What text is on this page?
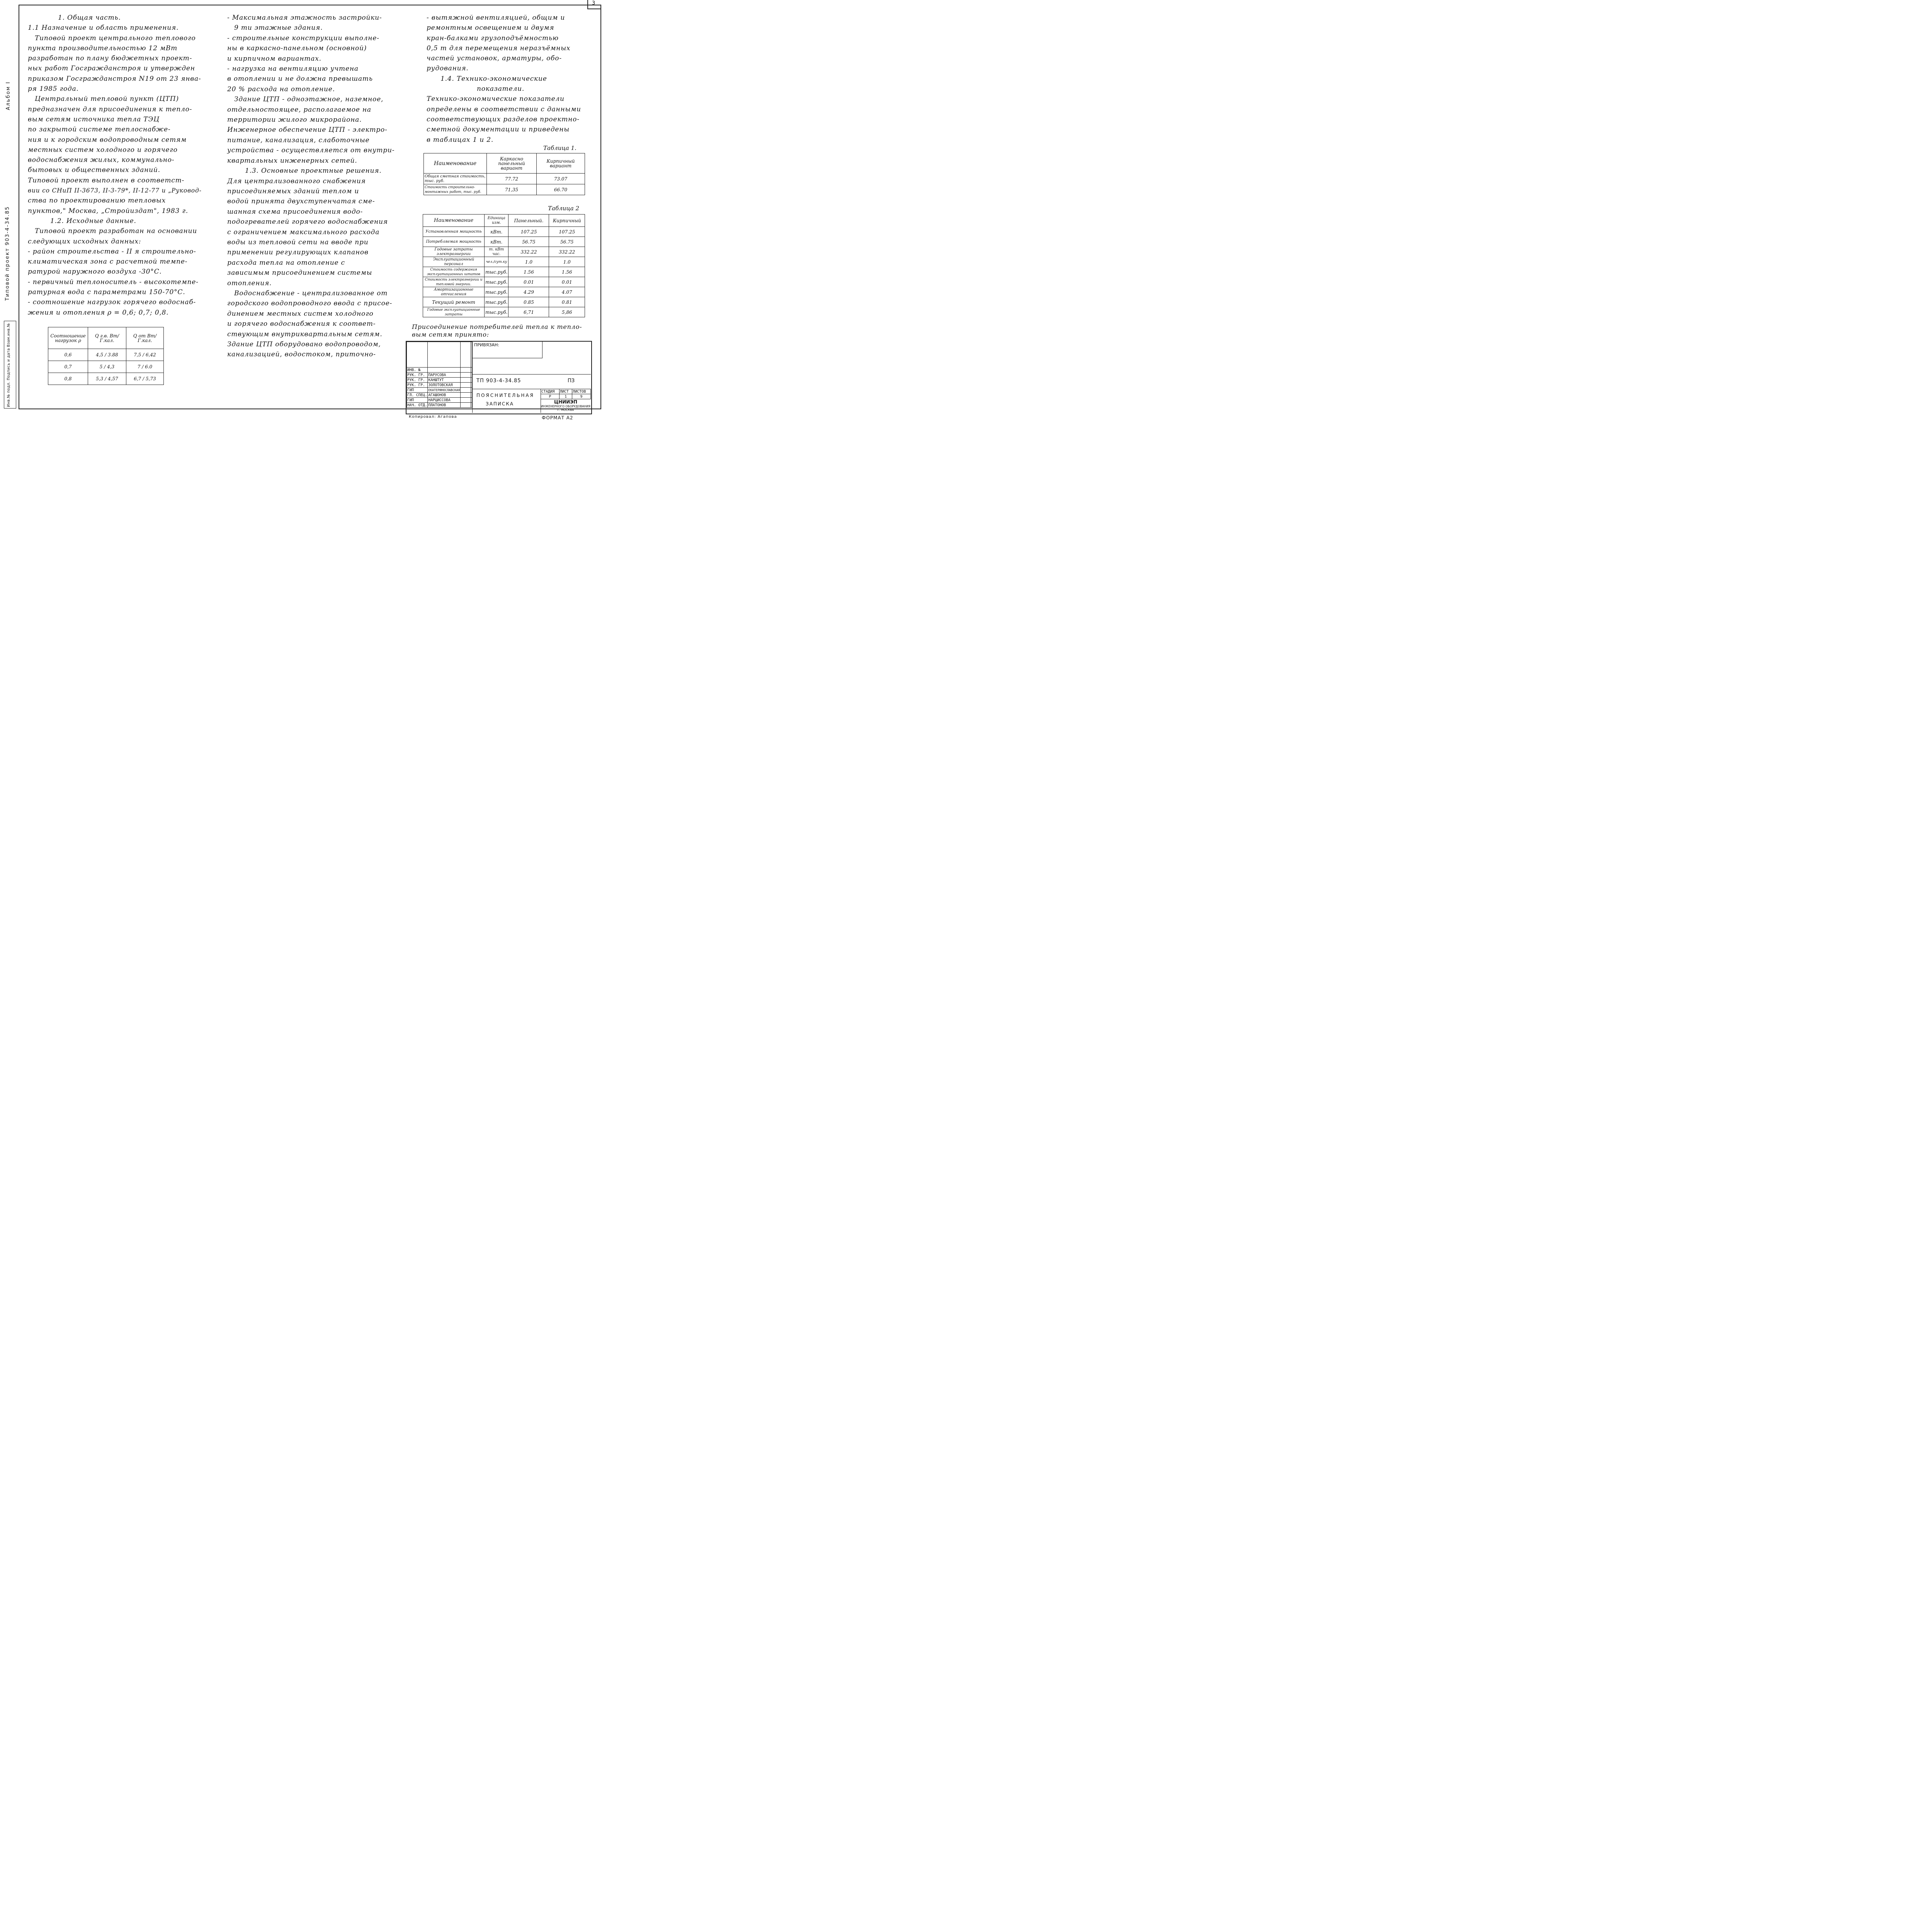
Альбом I
Типовой проект 903-4-34.85
Инв.№ подл. Подпись и дата Взам.инв.№
3
1. Общая часть.
1.1 Назначение и область применения.
Типовой проект центрального теплового
пункта производительностью 12 мВт
разработан по плану бюджетных проект-
ных работ Госгражданстроя и утвержден
приказом Госгражданстроя N19 от 23 янва-
ря 1985 года.
Центральный тепловой пункт (ЦТП)
предназначен для присоединения к тепло-
вым сетям источника тепла ТЭЦ
по закрытой системе теплоснабже-
ния и к городским водопроводным сетям
местных систем холодного и горячего
водоснабжения жилых, коммунально-
бытовых и общественных зданий.
Типовой проект выполнен в соответст-
вии со СНиП II-3673, II-3-79*, II-12-77 и „Руковод-
ства по проектированию тепловых
пунктов," Москва, „Стройиздат", 1983 г.
1.2. Исходные данные.
Типовой проект разработан на основании
следующих исходных данных:
- район строительства - II я строительно-
климатическая зона с расчетной темпе-
ратурой наружного воздуха -30°С.
- первичный теплоноситель - высокотемпе-
ратурная вода с параметрами 150-70°С.
- соотношение нагрузок горячего водоснаб-
жения и отопления ρ = 0,6; 0,7; 0,8.
Соотношение нагрузок ρ	Q г.в. Вт/Г.кал.	Q от Вт/Г.кал.
0,6	4,5 / 3.88	7,5 / 6,42
0,7	5 / 4,3	7 / 6.0
0,8	5,3 / 4,57	6,7 / 5,73
- Максимальная этажность застройки-
9 ти этажные здания.
- строительные конструкции выполне-
ны в каркасно-панельном (основной)
и кирпичном вариантах.
- нагрузка на вентиляцию учтена
в отоплении и не должна превышать
20 % расхода на отопление.
Здание ЦТП - одноэтажное, наземное,
отдельностоящее, располагаемое на
территории жилого микрорайона.
Инженерное обеспечение ЦТП - электро-
питание, канализация, слаботочные
устройства - осуществляется от внутри-
квартальных инженерных сетей.
1.3. Основные проектные решения.
Для централизованного снабжения
присоединяемых зданий теплом и
водой принята двухступенчатая сме-
шанная схема присоединения водо-
подогревателей горячего водоснабжения
с ограничением максимального расхода
воды из тепловой сети на вводе при
применении регулирующих клапанов
расхода тепла на отопление с
зависимым присоединением системы
отопления.
Водоснабжение - централизованное от
городского водопроводного ввода с присое-
динением местных систем холодного
и горячего водоснабжения к соответ-
ствующим внутриквартальным сетям.
Здание ЦТП оборудовано водопроводом,
канализацией, водостоком, приточно-
- вытяжной вентиляцией, общим и
ремонтным освещением и двумя
кран-балками грузоподъёмностью
0,5 т для перемещения неразъёмных
частей установок, арматуры, обо-
рудования.
1.4. Технико-экономические
показатели.
Технико-экономические показатели
определены в соответствии с данными
соответствующих разделов проектно-
сметной документации и приведены
в таблицах 1 и 2.
Таблица 1.
Наименование	Каркасно панельный вариант	Кирпичный вариант
Общая сметная стоимость, тыс. руб.	77.72	73.07
Стоимость строительно-монтажных работ, тыс. руб.	71,35	66.70
Таблица 2
Наименование	Единица изм.	Панельный.	Кирпичный
Установленная мощность	кВт.	107.25	107.25
Потребляемая мощность	кВт.	56.75	56.75
Годовые затраты электроэнергии	т. кВт час.	332.22	332.22
Эксплуатационный персонал	чел./сут.ку	1.0	1.0
Стоимость содержания эксплуатационных штатов	тыс.руб.	1.56	1.56
Стоимость электроэнергии и тепловой энергии.	тыс.руб.	0.01	0.01
Амортизационные отчисления	тыс.руб.	4.29	4.07
Текущий ремонт	тыс.руб.	0.85	0.81
Годовые эксплуатационные затраты	тыс.руб.	6,71	5,86
Присоединение потребителей тепла к тепло-
вым сетям принято:

ИНВ. №			
РУК. ГР.	ПАРУСОВА		
РУК. ГР.	КАНШТУТ		
РУК. ГР.	ЗОЛОТОВСКАЯ		
ГИП	ЕКАТЕРИНОСЛАВСКАЯ		
ГЛ. СПЕЦ.	АГАШОНОВ		
ГИП	НАРЦИССОВА		
НАЧ. ОТД.	ПЛАТОНОВ		
ПРИВЯЗАН:
ТП 903-4-34.85	ПЗ
ПОЯСНИТЕЛЬНАЯ
ЗАПИСКА
СТАДИЯ	ЛИСТ	ЛИСТОВ
Р	1	9
ЦНИИЭП
ИНЖЕНЕРНОГО ОБОРУДОВАНИЯ
Г. МОСКВА
Копировал: Агапова	ФОРМАТ А2
